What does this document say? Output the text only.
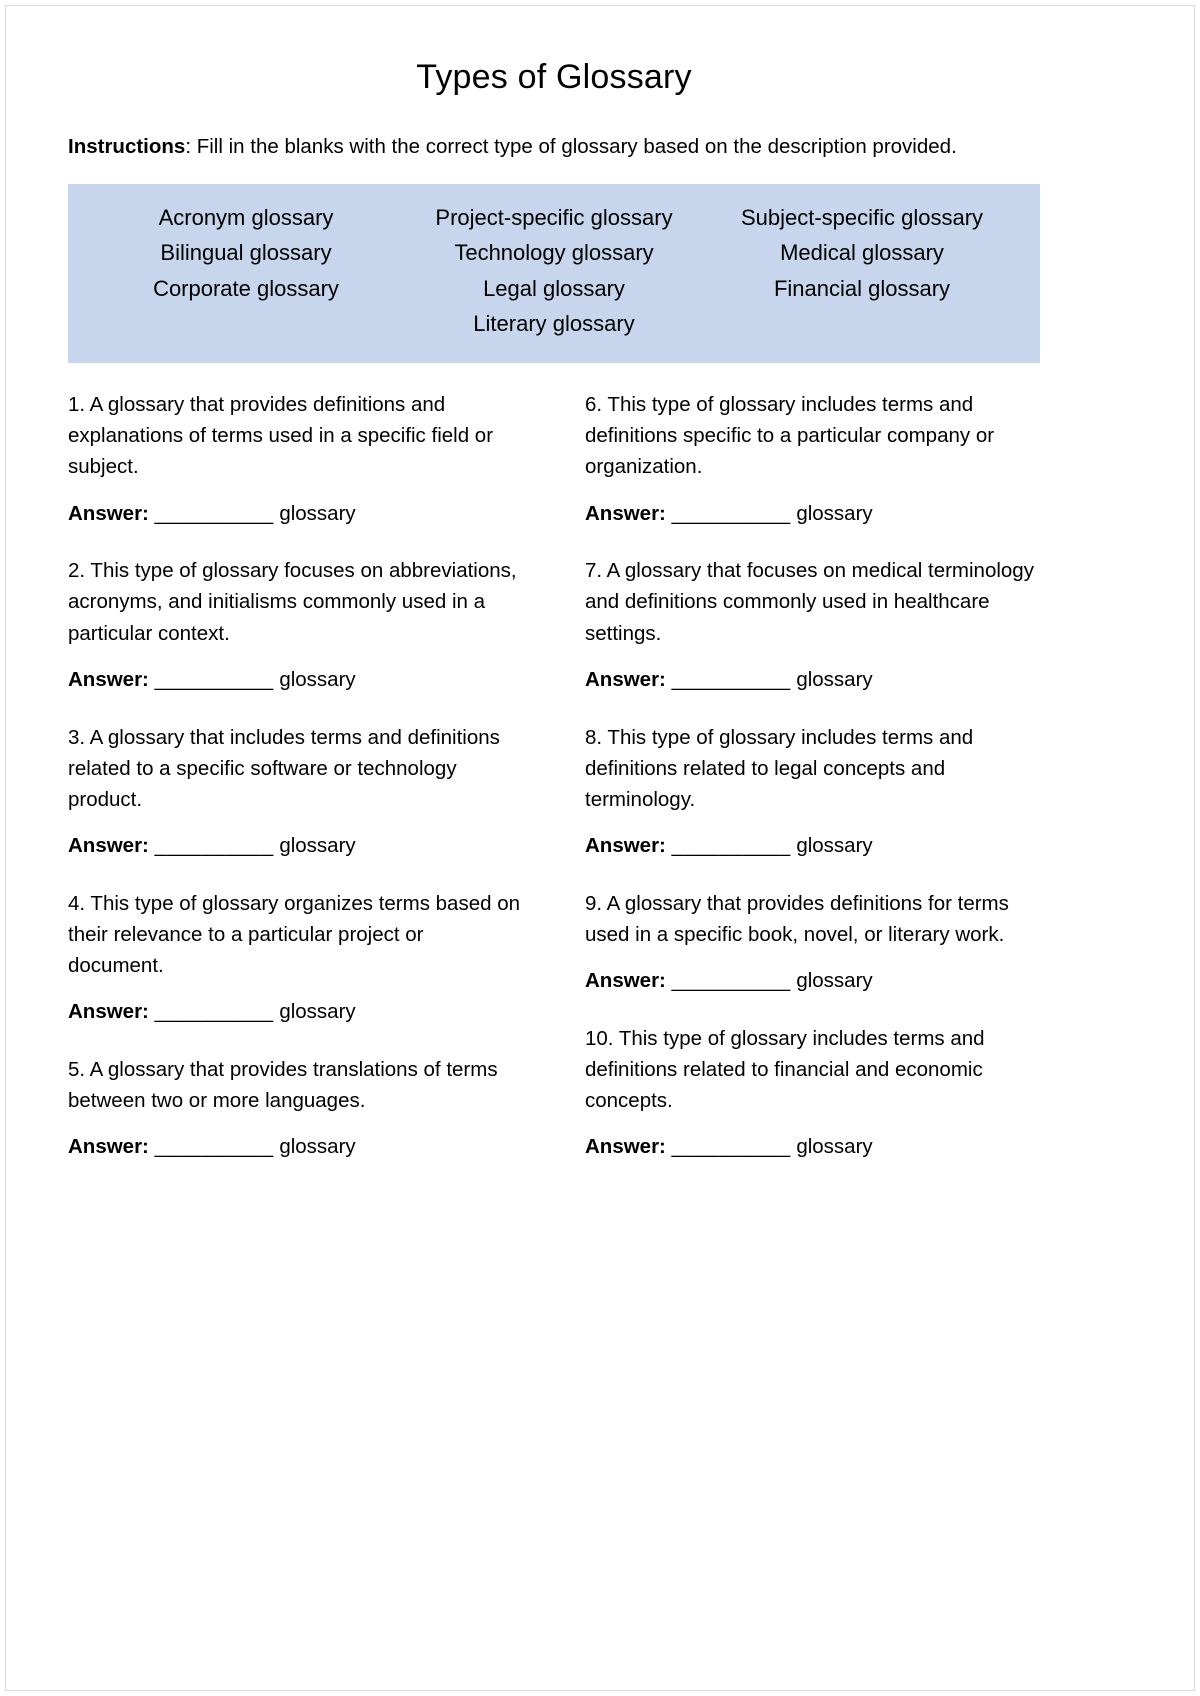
Types of Glossary

Instructions: Fill in the blanks with the correct type of glossary based on the description provided.

Acronym glossary	Project-specific glossary	Subject-specific glossary
Bilingual glossary	Technology glossary	Medical glossary
Corporate glossary	Legal glossary	Financial glossary
Literary glossary

1. A glossary that provides definitions and explanations of terms used in a specific field or subject.

Answer: __________ glossary

2. This type of glossary focuses on abbreviations, acronyms, and initialisms commonly used in a particular context.

Answer: __________ glossary

3. A glossary that includes terms and definitions related to a specific software or technology product.

Answer: __________ glossary

4. This type of glossary organizes terms based on their relevance to a particular project or document.

Answer: __________ glossary

5. A glossary that provides translations of terms between two or more languages.

Answer: __________ glossary

6. This type of glossary includes terms and definitions specific to a particular company or organization.

Answer: __________ glossary

7. A glossary that focuses on medical terminology and definitions commonly used in healthcare settings.

Answer: __________ glossary

8. This type of glossary includes terms and definitions related to legal concepts and terminology.

Answer: __________ glossary

9. A glossary that provides definitions for terms used in a specific book, novel, or literary work.

Answer: __________ glossary

10. This type of glossary includes terms and definitions related to financial and economic concepts.

Answer: __________ glossary
